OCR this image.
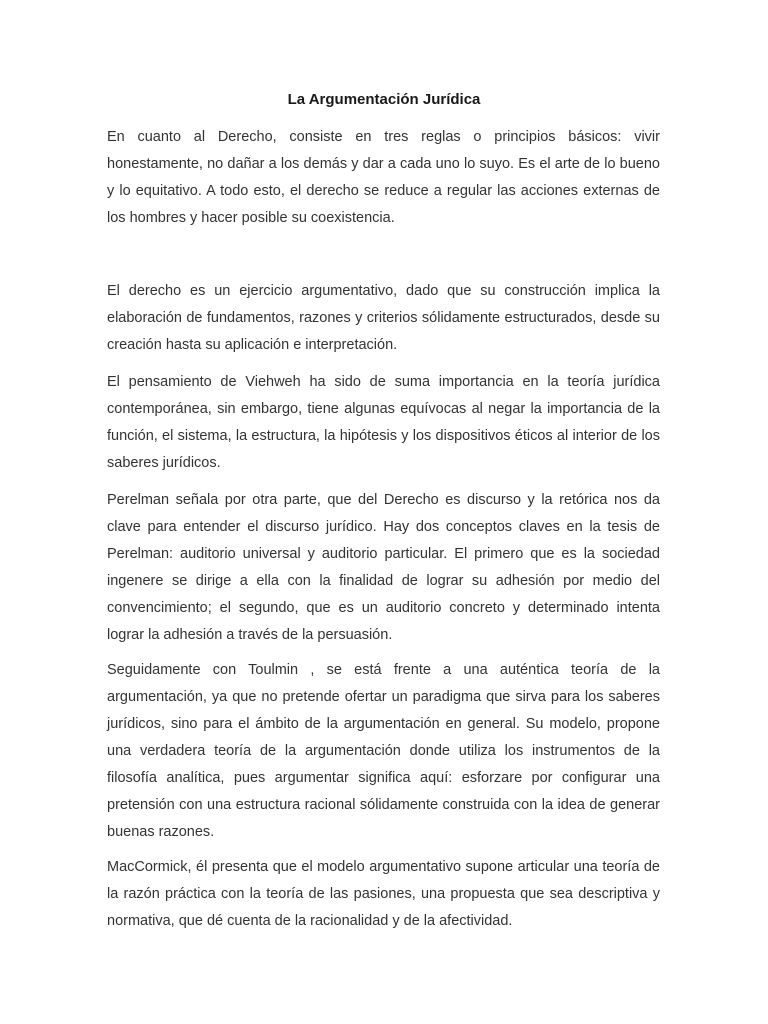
La Argumentación Jurídica

En cuanto al Derecho, consiste en tres reglas o principios básicos: vivir honestamente, no dañar a los demás y dar a cada uno lo suyo. Es el arte de lo bueno y lo equitativo. A todo esto, el derecho se reduce a regular las acciones externas de los hombres y hacer posible su coexistencia.

El derecho es un ejercicio argumentativo, dado que su construcción implica la elaboración de fundamentos, razones y criterios sólidamente estructurados, desde su creación hasta su aplicación e interpretación.

El pensamiento de Viehweh ha sido de suma importancia en la teoría jurídica contemporánea, sin embargo, tiene algunas equívocas al negar la importancia de la función, el sistema, la estructura, la hipótesis y los dispositivos éticos al interior de los saberes jurídicos.

Perelman señala por otra parte, que del Derecho es discurso y la retórica nos da clave para entender el discurso jurídico. Hay dos conceptos claves en la tesis de Perelman: auditorio universal y auditorio particular. El primero que es la sociedad ingenere se dirige a ella con la finalidad de lograr su adhesión por medio del convencimiento; el segundo, que es un auditorio concreto y determinado intenta lograr la adhesión a través de la persuasión.

Seguidamente con Toulmin , se está frente a una auténtica teoría de la argumentación, ya que no pretende ofertar un paradigma que sirva para los saberes jurídicos, sino para el ámbito de la argumentación en general. Su modelo, propone una verdadera teoría de la argumentación donde utiliza los instrumentos de la filosofía analítica, pues argumentar significa aquí: esforzare por configurar una pretensión con una estructura racional sólidamente construida con la idea de generar buenas razones.

MacCormick, él presenta que el modelo argumentativo supone articular una teoría de la razón práctica con la teoría de las pasiones, una propuesta que sea descriptiva y normativa, que dé cuenta de la racionalidad y de la afectividad.
